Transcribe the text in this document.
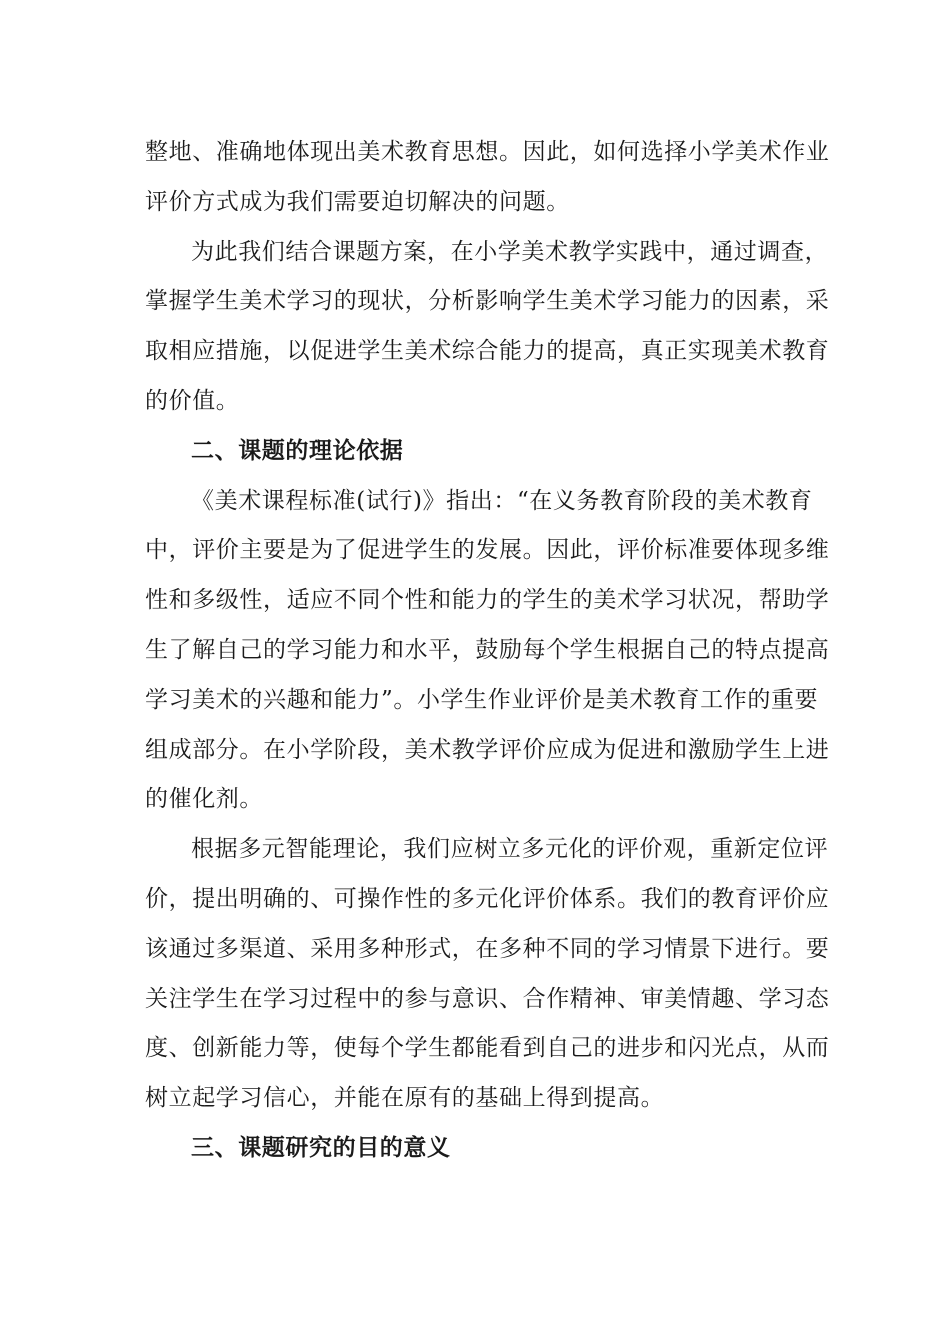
整地、准确地体现出美术教育思想。因此，如何选择小学美术作业
评价方式成为我们需要迫切解决的问题。

为此我们结合课题方案，在小学美术教学实践中，通过调查，
掌握学生美术学习的现状，分析影响学生美术学习能力的因素，采
取相应措施，以促进学生美术综合能力的提高，真正实现美术教育
的价值。

二、课题的理论依据

《美术课程标准(试行)》指出：“在义务教育阶段的美术教育
中，评价主要是为了促进学生的发展。因此，评价标准要体现多维
性和多级性，适应不同个性和能力的学生的美术学习状况，帮助学
生了解自己的学习能力和水平，鼓励每个学生根据自己的特点提高
学习美术的兴趣和能力”。小学生作业评价是美术教育工作的重要
组成部分。在小学阶段，美术教学评价应成为促进和激励学生上进
的催化剂。

根据多元智能理论，我们应树立多元化的评价观，重新定位评
价，提出明确的、可操作性的多元化评价体系。我们的教育评价应
该通过多渠道、采用多种形式，在多种不同的学习情景下进行。要
关注学生在学习过程中的参与意识、合作精神、审美情趣、学习态
度、创新能力等，使每个学生都能看到自己的进步和闪光点，从而
树立起学习信心，并能在原有的基础上得到提高。

三、课题研究的目的意义
